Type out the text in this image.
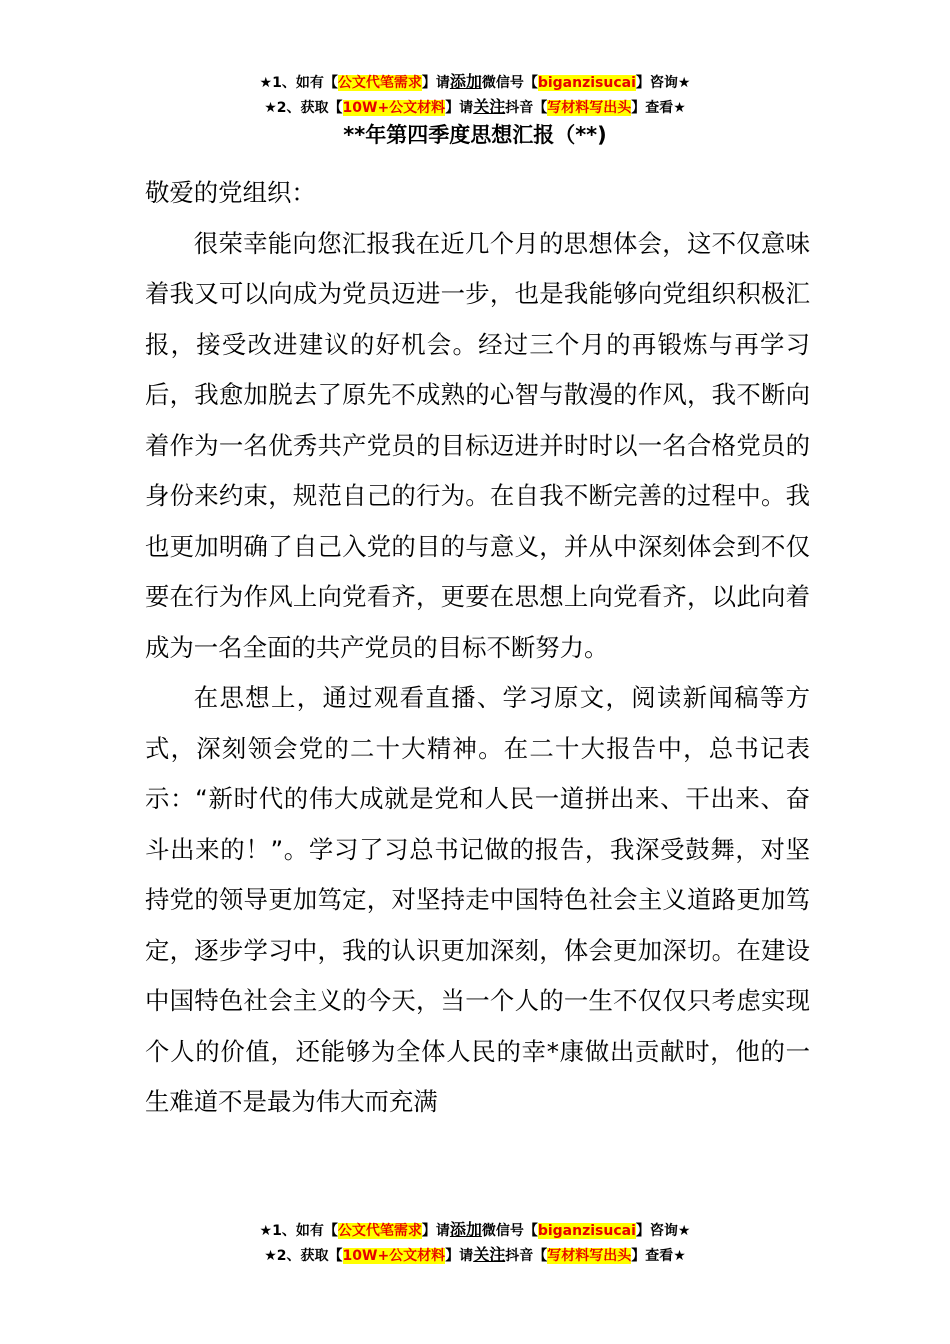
★1、如有【公文代笔需求】请添加微信号【biganzisucai】咨询★
★2、获取【10W+公文材料】请关注抖音【写材料写出头】查看★
**年第四季度思想汇报（**)

敬爱的党组织：

很荣幸能向您汇报我在近几个月的思想体会，这不仅意味着我又可以向成为党员迈进一步，也是我能够向党组织积极汇报，接受改进建议的好机会。经过三个月的再锻炼与再学习后，我愈加脱去了原先不成熟的心智与散漫的作风，我不断向着作为一名优秀共产党员的目标迈进并时时以一名合格党员的身份来约束，规范自己的行为。在自我不断完善的过程中。我也更加明确了自己入党的目的与意义，并从中深刻体会到不仅要在行为作风上向党看齐，更要在思想上向党看齐，以此向着成为一名全面的共产党员的目标不断努力。

在思想上，通过观看直播、学习原文，阅读新闻稿等方式，深刻领会党的二十大精神。在二十大报告中，总书记表示：“新时代的伟大成就是党和人民一道拼出来、干出来、奋斗出来的！”。学习了习总书记做的报告，我深受鼓舞，对坚持党的领导更加笃定，对坚持走中国特色社会主义道路更加笃定，逐步学习中，我的认识更加深刻，体会更加深切。在建设中国特色社会主义的今天，当一个人的一生不仅仅只考虑实现个人的价值，还能够为全体人民的幸*康做出贡献时，他的一生难道不是最为伟大而充满

★1、如有【公文代笔需求】请添加微信号【biganzisucai】咨询★
★2、获取【10W+公文材料】请关注抖音【写材料写出头】查看★
